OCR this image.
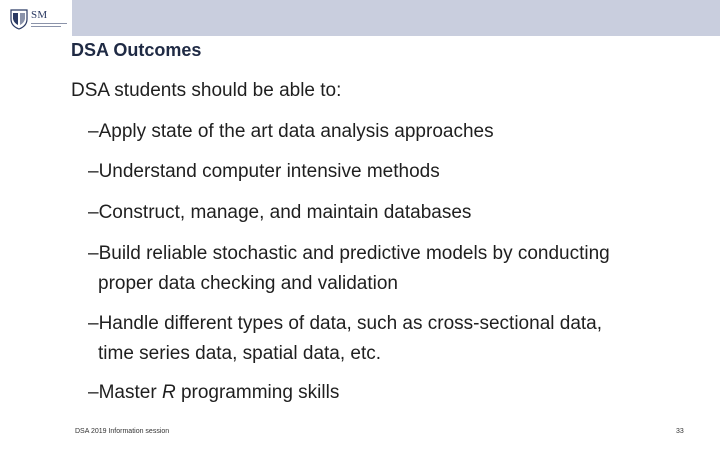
SM
DSA Outcomes
DSA students should be able to:
–Apply state of the art data analysis approaches
–Understand computer intensive methods
–Construct, manage, and maintain databases
–Build reliable stochastic and predictive models by conducting
proper data checking and validation
–Handle different types of data, such as cross-sectional data,
time series data, spatial data, etc.
–Master R programming skills
DSA 2019 Information session	33
